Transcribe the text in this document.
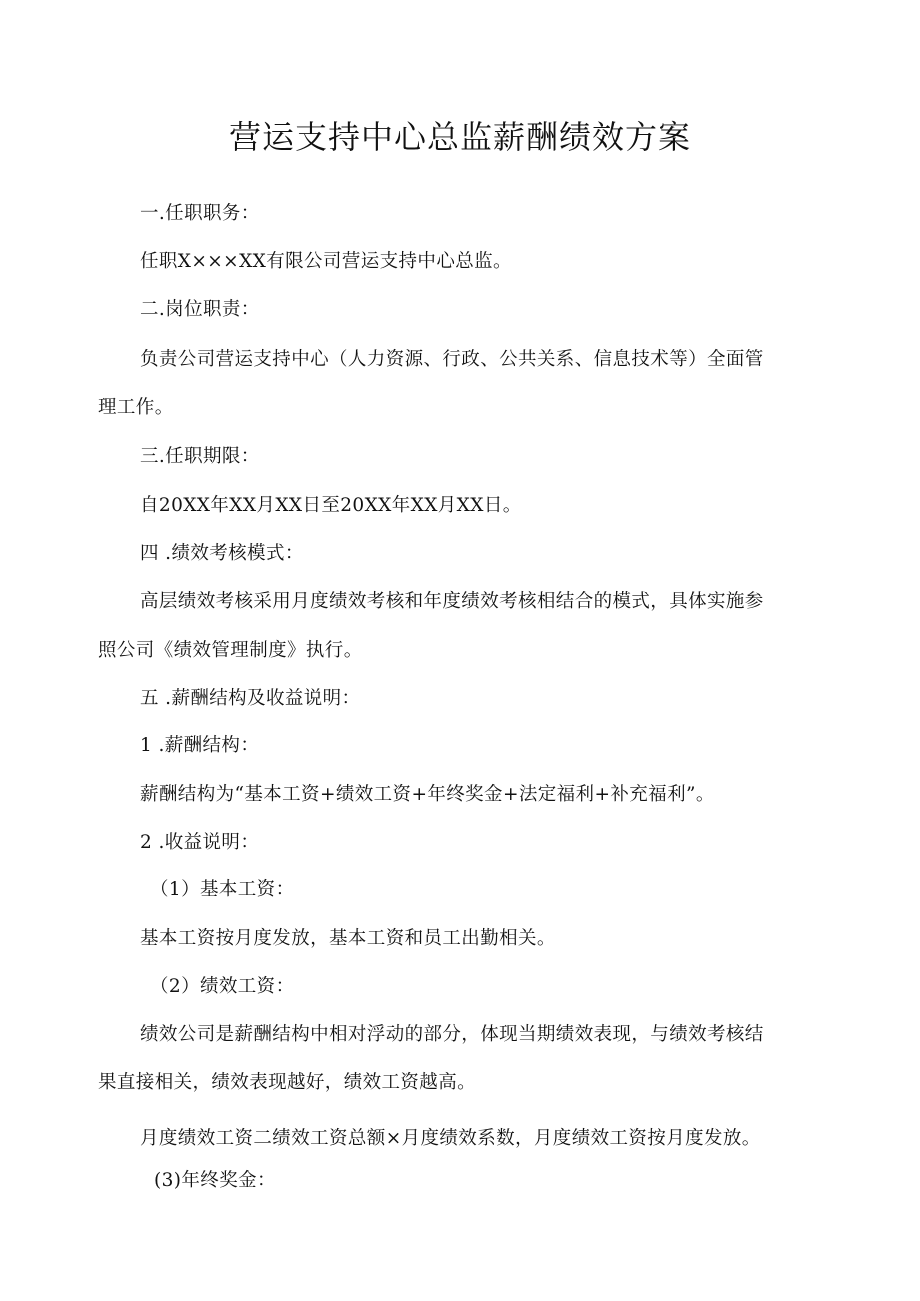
营运支持中心总监薪酬绩效方案
一.任职职务：
任职X×××XX有限公司营运支持中心总监。
二.岗位职责：
负责公司营运支持中心（人力资源、行政、公共关系、信息技术等）全面管
理工作。
三.任职期限：
自20XX年XX月XX日至20XX年XX月XX日。
四 .绩效考核模式：
高层绩效考核采用月度绩效考核和年度绩效考核相结合的模式，具体实施参
照公司《绩效管理制度》执行。
五 .薪酬结构及收益说明：
1 .薪酬结构：
薪酬结构为“基本工资+绩效工资+年终奖金+法定福利+补充福利”。
2 .收益说明：
（1）基本工资：
基本工资按月度发放，基本工资和员工出勤相关。
（2）绩效工资：
绩效公司是薪酬结构中相对浮动的部分，体现当期绩效表现，与绩效考核结
果直接相关，绩效表现越好，绩效工资越高。
月度绩效工资二绩效工资总额×月度绩效系数，月度绩效工资按月度发放。
(3)年终奖金：
